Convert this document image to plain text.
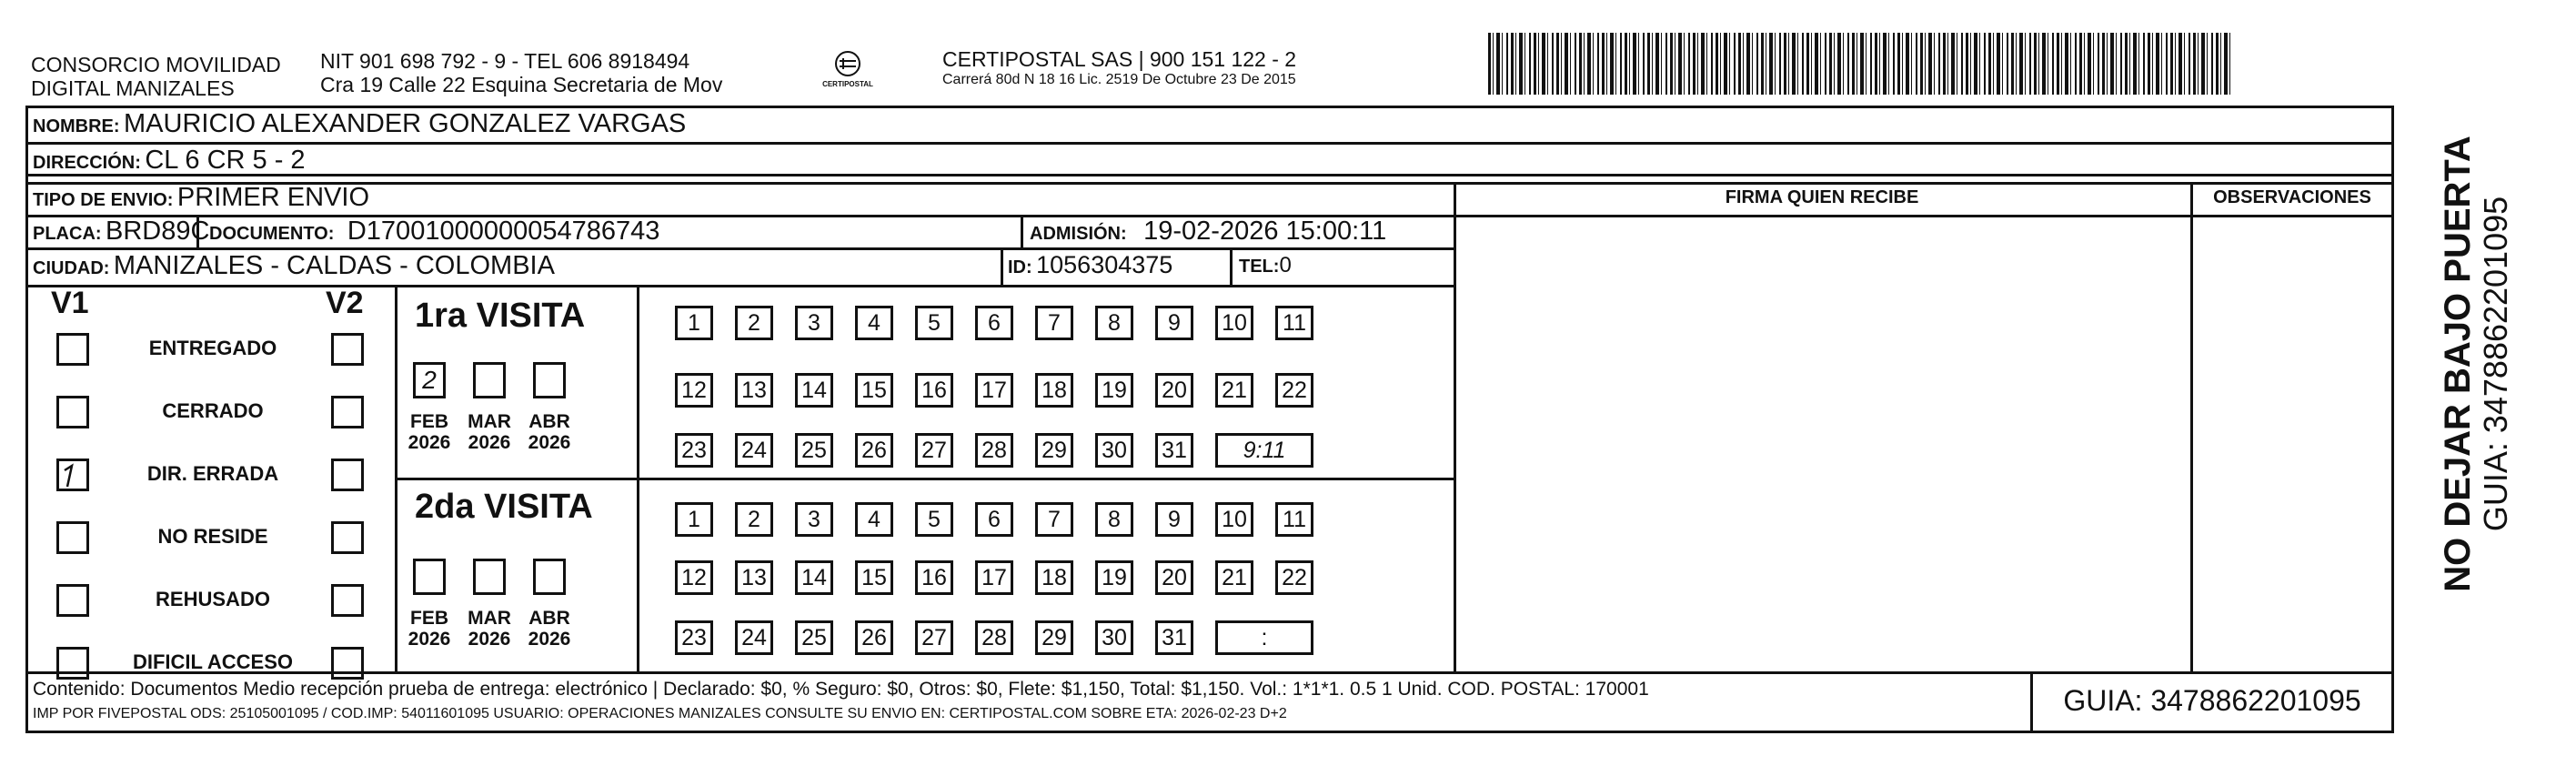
CONSORCIO MOVILIDAD
DIGITAL MANIZALES
NIT 901 698 792 - 9 - TEL 606 8918494
Cra 19 Calle 22 Esquina Secretaria de Mov	CERTIPOSTAL
CERTIPOSTAL SAS | 900 151 122 - 2
Carrerá 80d N 18 16 Lic. 2519 De Octubre 23 De 2015
NOMBRE: MAURICIO ALEXANDER GONZALEZ VARGAS
DIRECCIÓN: CL 6 CR 5 - 2
TIPO DE ENVIO: PRIMER ENVIO
PLACA: BRD89C DOCUMENTO: D17001000000054786743	ADMISIÓN: 19-02-2026 15:00:11
CIUDAD: MANIZALES - CALDAS - COLOMBIA	ID: 1056304375	TEL:0
FIRMA QUIEN RECIBE	OBSERVACIONES
V1	V2
ENTREGADO
CERRADO
DIR. ERRADA
NO RESIDE
REHUSADO
DIFICIL ACCESO
1ra VISITA
2da VISITA
2
FEB
2026
MAR
2026
ABR
2026
FEB
2026
MAR
2026
ABR
2026
1	2	3	4	5	6	7	8	9	10	11
12 13 14 15 16 17 18 19 20 21 22
23 24 25 26 27 28 29 30 31	9:11
1	2	3	4	5	6	7	8	9	10	11
12 13 14 15 16 17 18 19 20 21 22
23 24 25 26 27 28 29 30 31	:
Contenido: Documentos Medio recepción prueba de entrega: electrónico | Declarado: $0, % Seguro: $0, Otros: $0, Flete: $1,150, Total: $1,150. Vol.: 1*1*1. 0.5 1 Unid. COD. POSTAL: 170001
IMP POR FIVEPOSTAL ODS: 25105001095 / COD.IMP: 54011601095 USUARIO: OPERACIONES MANIZALES CONSULTE SU ENVIO EN: CERTIPOSTAL.COM SOBRE ETA: 2026-02-23 D+2	GUIA: 3478862201095
NO DEJAR BAJO PUERTA GUIA: 3478862201095
